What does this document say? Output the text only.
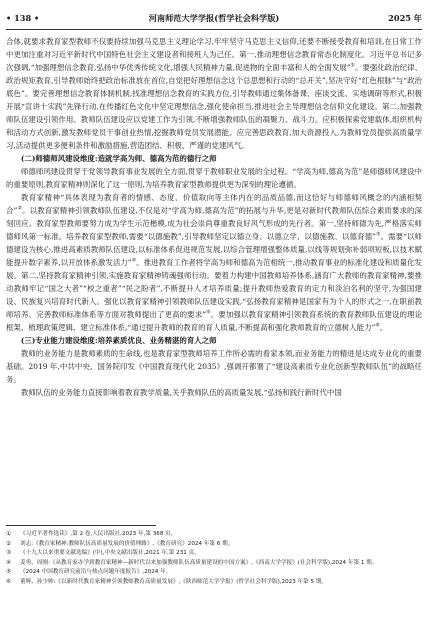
• 138 •	河南师范大学学报(哲学社会科学版)	2025 年

合体,就要求教育家型教师不仅要持续加强马克思主义理论学习,牢牢坚守马克思主义信仰,还要不断接受教育和培训,在日常工作中更加注重对习近平新时代中国特色社会主义建设者和接班人为己任。第一,推动理想信念教育常态化制度化。习近平总书记多次强调,“加强理想信念教育,弘扬中华优秀传统文化,增强人民精神力量,促进物的全面丰富和人的全面发展”①。要强化政治纪律、政治规矩教育,引导教师始终把政治标准放在首位,自觉把好理想信念这个总思想和行动的“总开关”,坚决守好“红色根脉”与“政治底色”。要完善理想信念教育体制机制,找准理想信念教育的实践方位,引导教师通过集体备课、座谈交流、实地调研等形式,积极开展“宣讲十实践”先锋行动,在传播红色文化中坚定理想信念,强化使命担当,推进社会主导理想信念信仰文化建设。第二,加强教师队伍建设引领作用。教师队伍建设应以党建工作为引领,不断增强教师队伍的凝聚力、战斗力。应积极探索党建载体,组织机构和活动方式创新,激发教师党员干事创业热情,挖掘教师党员发展潜能。应完善思政教育,加大资源投入,为教师党员提供高质量学习,活动提供更多便利条件和激励措施,营造团结、积极、严谨的党建风气。

(二)师德师风建设维度:造就学高为师、德高为范的德行之师

师德师风建设贯穿于党领导教育事业发展的全方面,贯穿于教师职业发展的全过程。“学高为师,德高为范”是师德师风建设中的重要原则,教育家精神则深化了这一原则,为培养教育家型教师提供更为深刻的理论遵循。

教育家精神“具体表现为教育者的情感、态度、价值取向等主体内在的品质品德,而这恰好与师德师风概念的内涵相契合”②。以教育家精神引领教师队伍建设,不仅是对“学高为师,德高为范”的拓展与升华,更是对新时代教师队伍综合素质要求的深刻回应。教育家型教师要努力成为学生示范楷模,成为社会崇尚尊重教良好风气形成的先行者。第一,坚持师德为先,严格落实师德师风第一标准。培养教育家型教师,需要“以德施教”,引导教师坚定以德立身、以德立学、以德施教、以德育德”③。需要“以师德建设为核心,推进高素质教师队伍建设,以标准体系促进规范发展,以综合管理增强整体质量,以线等规划弥补弱项短板,以技术赋能提升数字素养,以开放体系激发活力”④。推进教育工作者将学高为师和德高为范相统一,推动教育事业的标准化建设和质量化发展。第二,坚持教育家精神引领,实施教育家精神铸魂强师行动。要着力构建中国教师培养体系,涵育广大教师的教育家精神,要推动教师牢记“国之大者”“校之重者”“民之盼者”,不断提升人才培养质量;提升教师热爱教育的定力和淡泊名利的坚守,为强国建设、民族复兴培育时代新人。强化以教育家精神引领教师队伍建设实践,“弘扬教育家精神是国家有为个人的形式之一,在职前教师培养、完善教师标准体系等方面对教师提出了更高的要求”⑤。要加强以教育家精神引领教育系统的教育教师队伍建设的理论框架、梳理政策逻辑、建立标准体系,“通过提升教师的教育的育人质量,不断提高和强化教师教育的立德树人能力”⑥。

(三)专业能力建设维度:培养素质优良、业务精湛的育人之师

教师的业务能力是教师素质的生命线,也是教育家型教师培养工作所必需的看家本领,而业务能力的精进是达成专业化的重要基础。2019 年,中共中央、国务院印发《中国教育现代化 2035》,强调开都署了“建设高素质专业化创新型教师队伍”的战略任务。

教师队伍的业务能力直接影响着教育教学质量,关乎教师队伍的高质量发展,“弘扬和践行新时代中国

① 《习近平著作选读》,第 2 卷,人民出版社,2023 年,第 368 页。
② 刘志:《教育家精神:教师队伍高质量发展的价值理路》,《教育研究》2024 年第 6 期。
③ 《十九大以来重要文献选编》(中),中央文献出版社,2021 年,第 231 页。
④ 姜勇、周刚:《从教育家办学到教育家精神—新时代以来加强教师队伍高质量建设的中国方案》,《西南大学学报》(社会科学版),2024 年第 1 期。
⑤ 《2024 中国教育研究前沿与热点问题年度报告》,2024 年。
⑥ 董辉、孙少帅:《以新时代教育家精神引领教师教育高质量发展》,《陕西师范大学学报》(哲学社会科学版),2023 年第 5 期。
